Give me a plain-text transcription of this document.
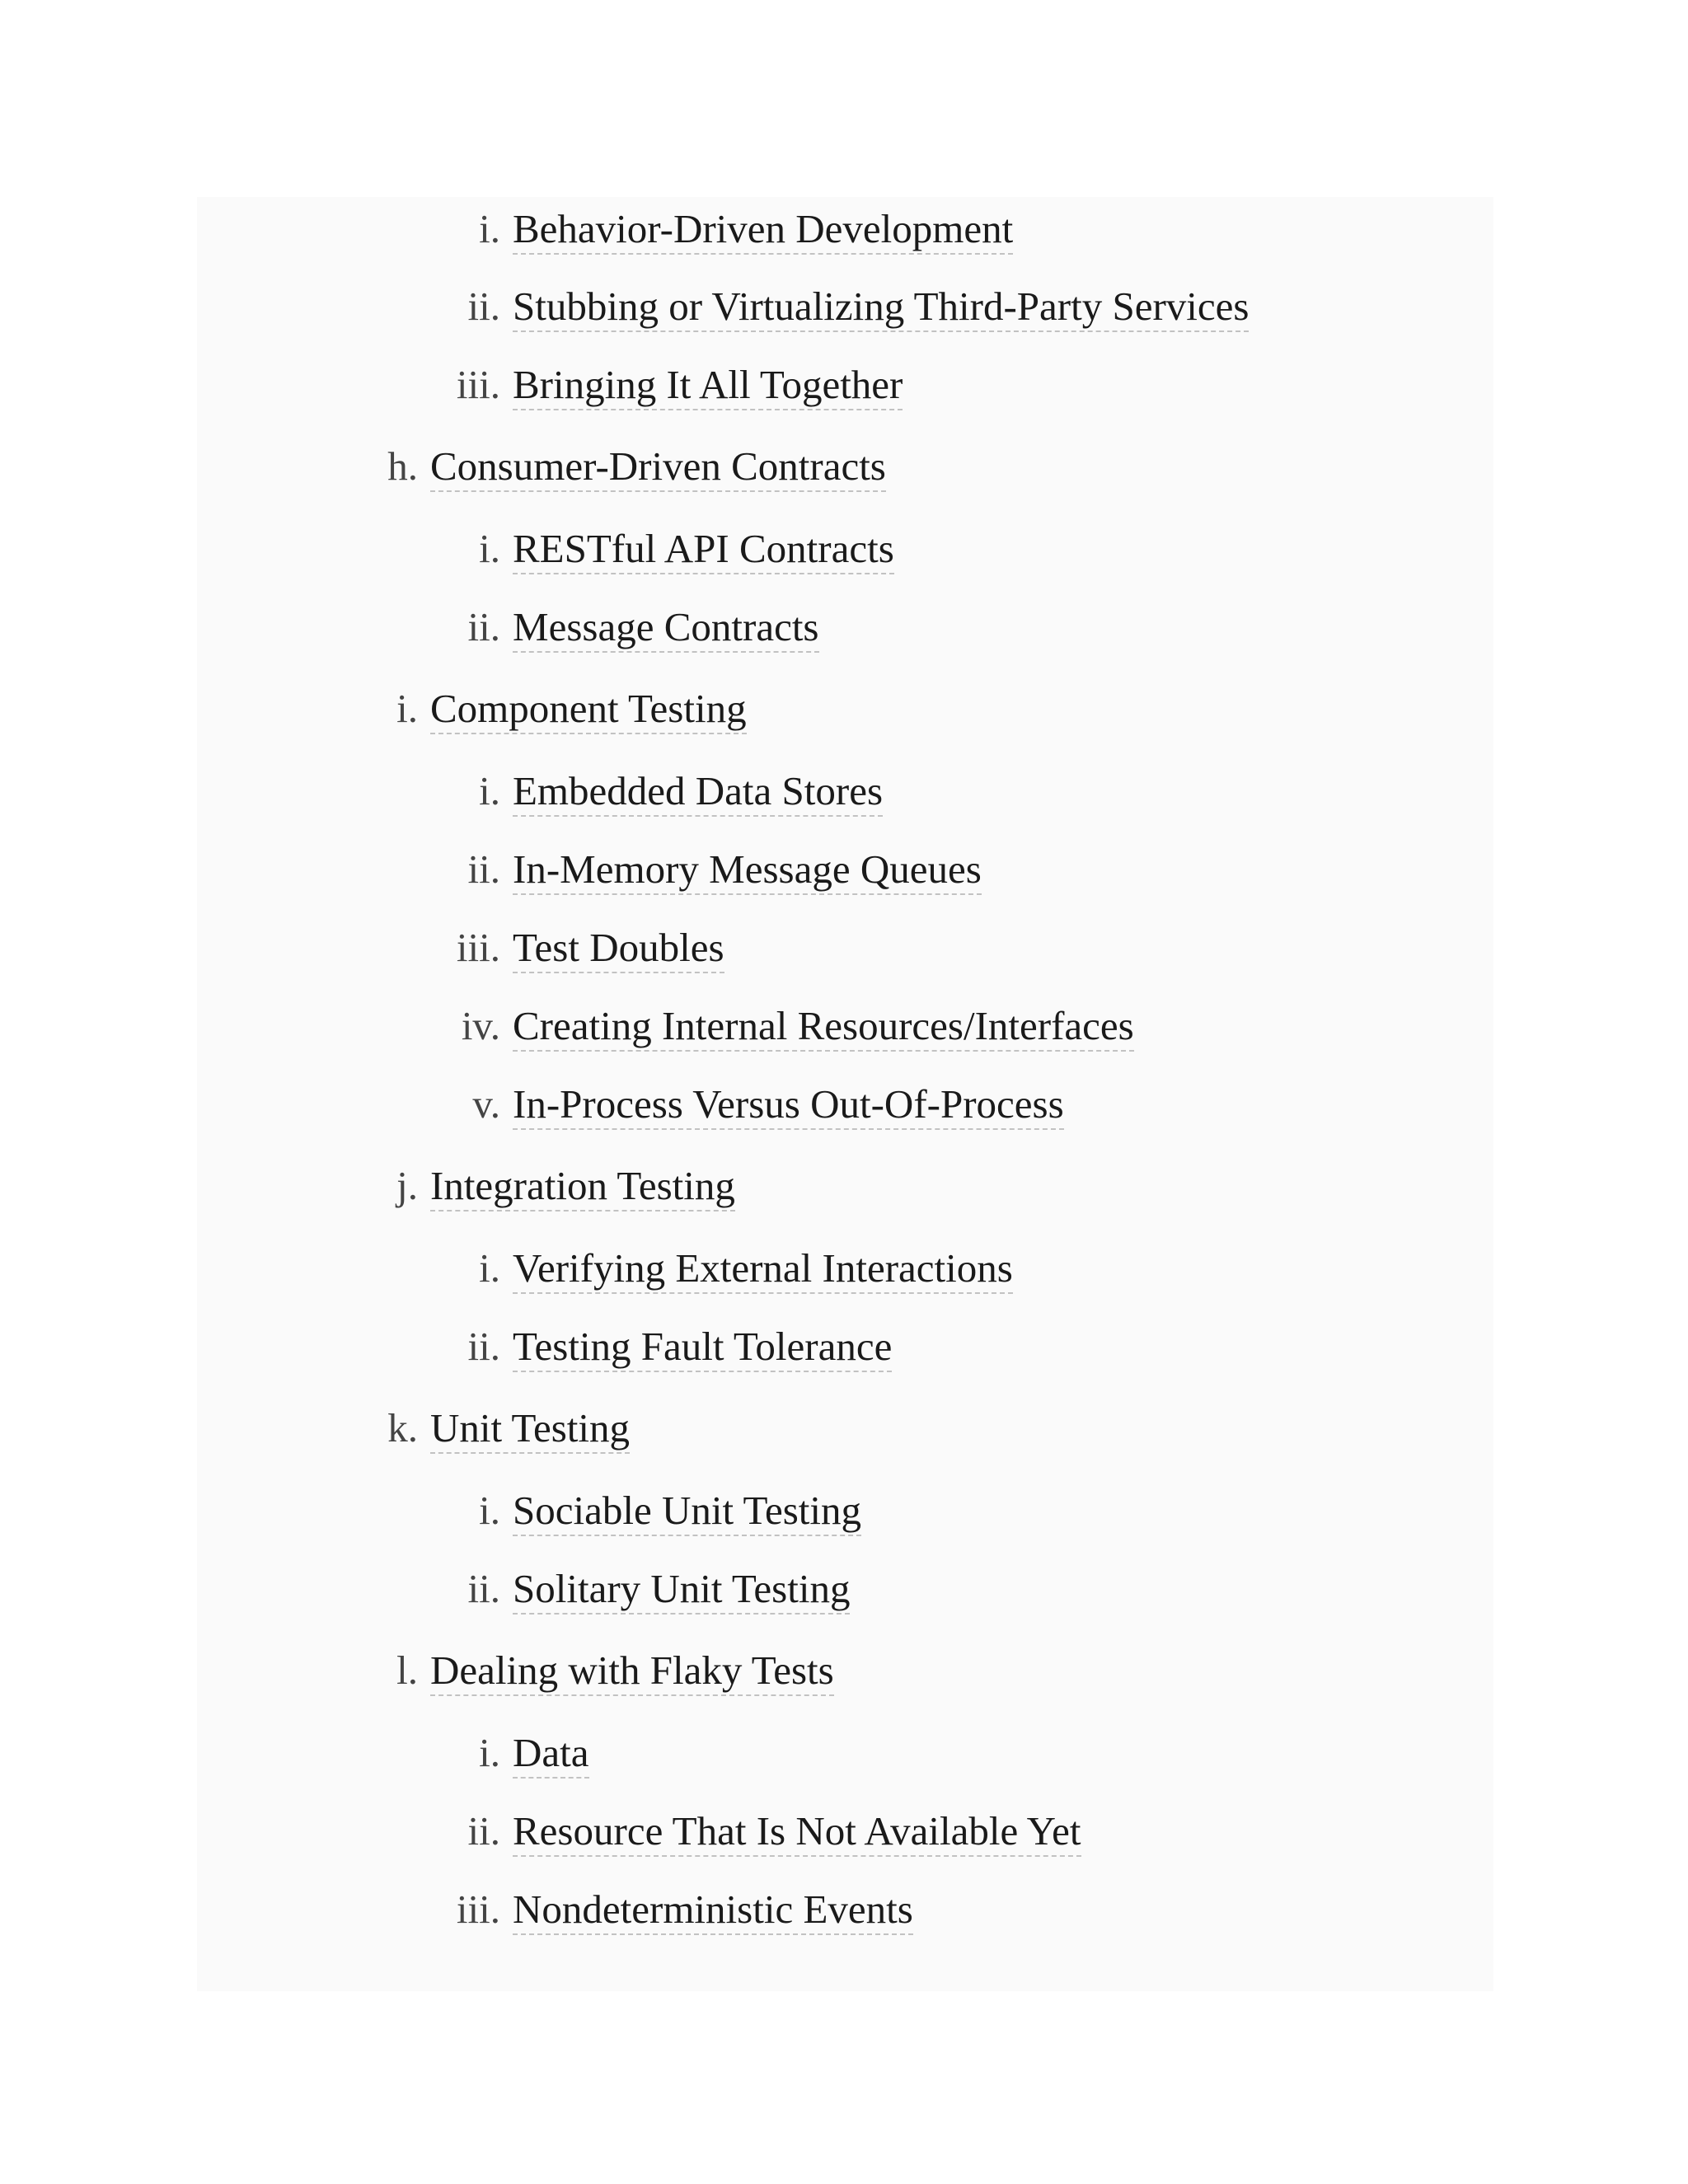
i. Behavior-Driven Development
ii. Stubbing or Virtualizing Third-Party Services
iii. Bringing It All Together
h. Consumer-Driven Contracts
i. RESTful API Contracts
ii. Message Contracts
i. Component Testing
i. Embedded Data Stores
ii. In-Memory Message Queues
iii. Test Doubles
iv. Creating Internal Resources/Interfaces
v. In-Process Versus Out-Of-Process
j. Integration Testing
i. Verifying External Interactions
ii. Testing Fault Tolerance
k. Unit Testing
i. Sociable Unit Testing
ii. Solitary Unit Testing
l. Dealing with Flaky Tests
i. Data
ii. Resource That Is Not Available Yet
iii. Nondeterministic Events
